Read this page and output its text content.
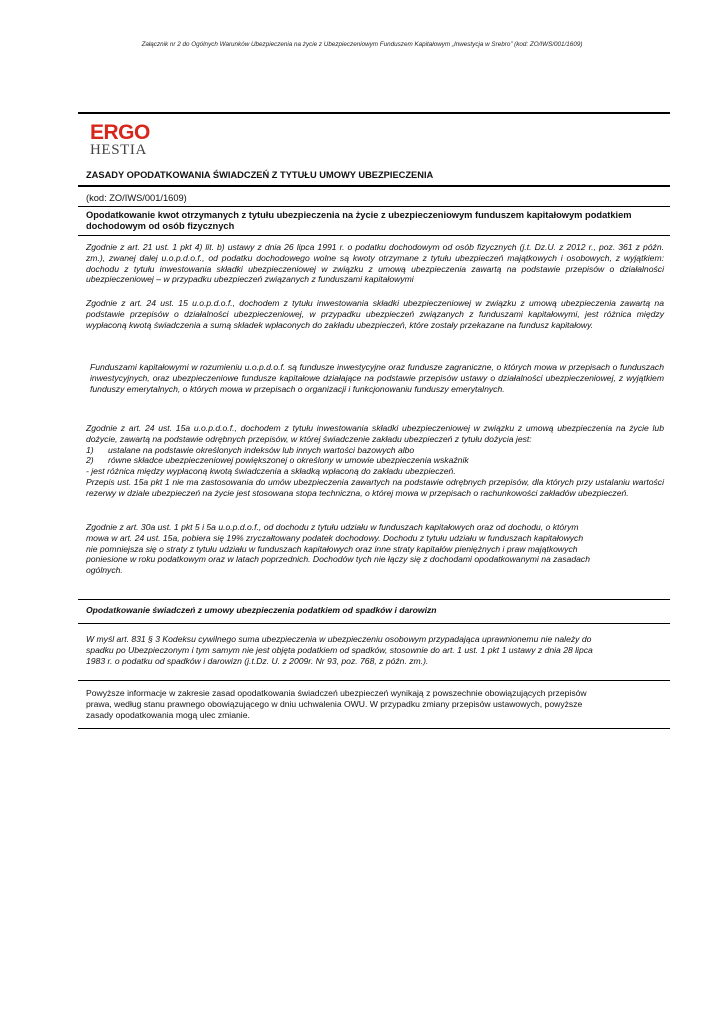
Załącznik nr 2 do Ogólnych Warunków Ubezpieczenia na życie z Ubezpieczeniowym Funduszem Kapitałowym „Inwestycja w Srebro” (kod: ZO/IWS/001/1609)
ERGO
HESTIA
ZASADY OPODATKOWANIA ŚWIADCZEŃ Z TYTUŁU UMOWY UBEZPIECZENIA
(kod: ZO/IWS/001/1609)
Opodatkowanie kwot otrzymanych z tytułu ubezpieczenia na życie z ubezpieczeniowym funduszem kapitałowym podatkiem dochodowym od osób fizycznych
Zgodnie z art. 21 ust. 1 pkt 4) lit. b) ustawy z dnia 26 lipca 1991 r. o podatku dochodowym od osób fizycznych (j.t. Dz.U. z 2012 r., poz. 361 z późn. zm.), zwanej dalej u.o.p.d.o.f., od podatku dochodowego wolne są kwoty otrzymane z tytułu ubezpieczeń majątkowych i osobowych, z wyjątkiem: dochodu z tytułu inwestowania składki ubezpieczeniowej w związku z umową ubezpieczenia zawartą na podstawie przepisów o działalności ubezpieczeniowej – w przypadku ubezpieczeń związanych z funduszami kapitałowymi
Zgodnie z art. 24 ust. 15 u.o.p.d.o.f., dochodem z tytułu inwestowania składki ubezpieczeniowej w związku z umową ubezpieczenia zawartą na podstawie przepisów o działalności ubezpieczeniowej, w przypadku ubezpieczeń związanych z funduszami kapitałowymi, jest różnica między wypłaconą kwotą świadczenia a sumą składek wpłaconych do zakładu ubezpieczeń, które zostały przekazane na fundusz kapitałowy.
Funduszami kapitałowymi w rozumieniu u.o.p.d.o.f. są fundusze inwestycyjne oraz fundusze zagraniczne, o których mowa w przepisach o funduszach inwestycyjnych, oraz ubezpieczeniowe fundusze kapitałowe działające na podstawie przepisów ustawy o działalności ubezpieczeniowej, z wyjątkiem funduszy emerytalnych, o których mowa w przepisach o organizacji i funkcjonowaniu funduszy emerytalnych.
Zgodnie z art. 24 ust. 15a u.o.p.d.o.f., dochodem z tytułu inwestowania składki ubezpieczeniowej w związku z umową ubezpieczenia na życie lub dożycie, zawartą na podstawie odrębnych przepisów, w której świadczenie zakładu ubezpieczeń z tytułu dożycia jest:
1)	ustalane na podstawie określonych indeksów lub innych wartości bazowych albo
2)	równe składce ubezpieczeniowej powiększonej o określony w umowie ubezpieczenia wskaźnik
- jest różnica między wypłaconą kwotą świadczenia a składką wpłaconą do zakładu ubezpieczeń.
Przepis ust. 15a pkt 1 nie ma zastosowania do umów ubezpieczenia zawartych na podstawie odrębnych przepisów, dla których przy ustalaniu wartości rezerwy w dziale ubezpieczeń na życie jest stosowana stopa techniczna, o której mowa w przepisach o rachunkowości zakładów ubezpieczeń.
Zgodnie z art. 30a ust. 1 pkt 5 i 5a u.o.p.d.o.f., od dochodu z tytułu udziału w funduszach kapitałowych oraz od dochodu, o którym
mowa w art. 24 ust. 15a, pobiera się 19% zryczałtowany podatek dochodowy. Dochodu z tytułu udziału w funduszach kapitałowych
nie pomniejsza się o straty z tytułu udziału w funduszach kapitałowych oraz inne straty kapitałów pieniężnych i praw majątkowych
poniesione w roku podatkowym oraz w latach poprzednich. Dochodów tych nie łączy się z dochodami opodatkowanymi na zasadach
ogólnych.
Opodatkowanie świadczeń z umowy ubezpieczenia podatkiem od spadków i darowizn
W myśl art. 831 § 3 Kodeksu cywilnego suma ubezpieczenia w ubezpieczeniu osobowym przypadająca uprawnionemu nie należy do
spadku po Ubezpieczonym i tym samym nie jest objęta podatkiem od spadków, stosownie do art. 1 ust. 1 pkt 1 ustawy z dnia 28 lipca
1983 r. o podatku od spadków i darowizn (j.t.Dz. U. z 2009r. Nr 93, poz. 768, z późn. zm.).
Powyższe informacje w zakresie zasad opodatkowania świadczeń ubezpieczeń wynikają z powszechnie obowiązujących przepisów
prawa, według stanu prawnego obowiązującego w dniu uchwalenia OWU. W przypadku zmiany przepisów ustawowych, powyższe
zasady opodatkowania mogą ulec zmianie.
